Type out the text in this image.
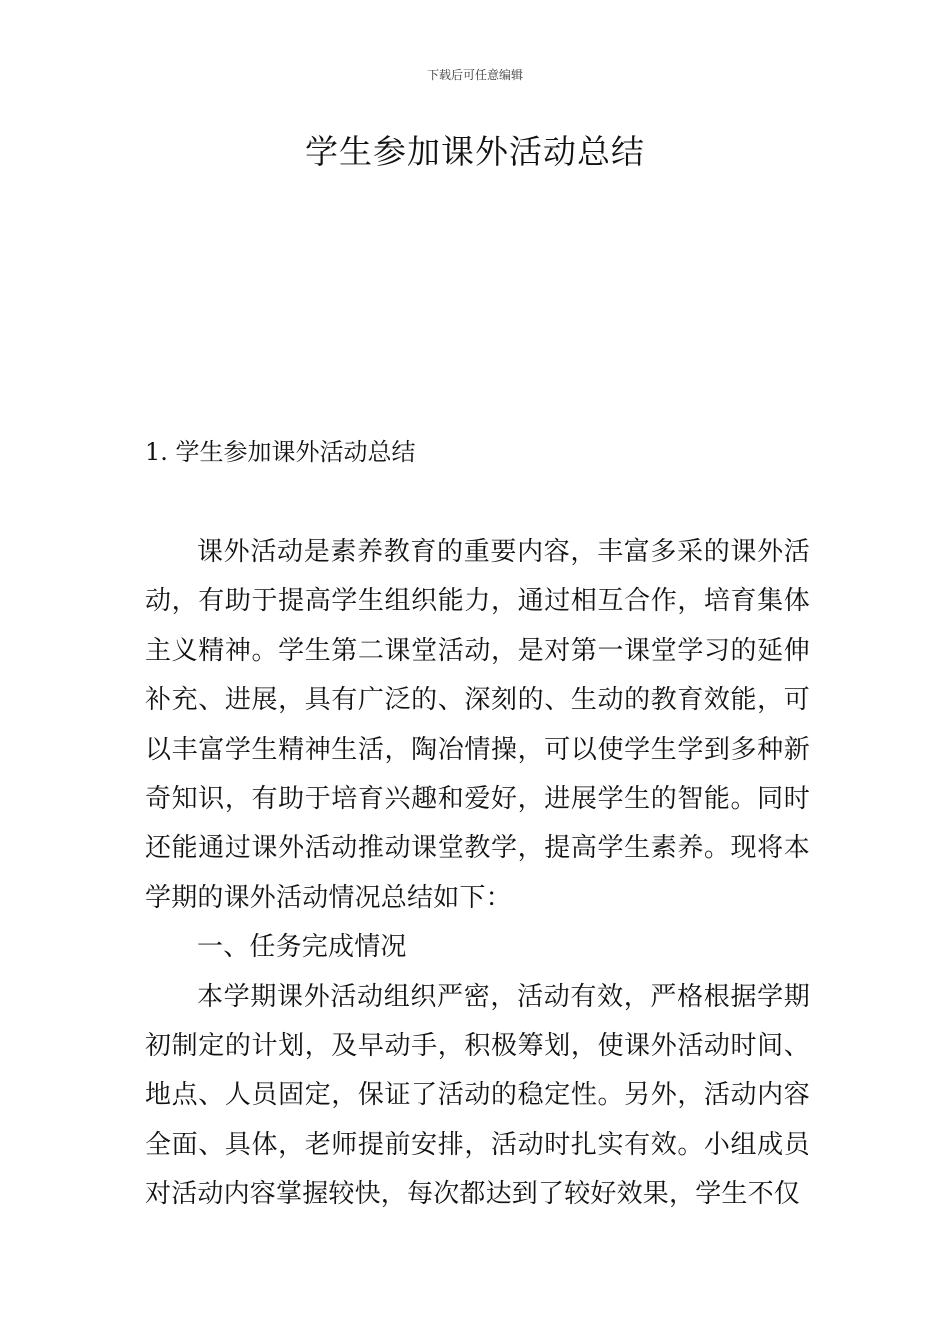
下载后可任意编辑
学生参加课外活动总结
1. 学生参加课外活动总结

课外活动是素养教育的重要内容，丰富多采的课外活动，有助于提高学生组织能力，通过相互合作，培育集体主义精神。学生第二课堂活动，是对第一课堂学习的延伸补充、进展，具有广泛的、深刻的、生动的教育效能，可以丰富学生精神生活，陶冶情操，可以使学生学到多种新奇知识，有助于培育兴趣和爱好，进展学生的智能。同时还能通过课外活动推动课堂教学，提高学生素养。现将本学期的课外活动情况总结如下：

一、任务完成情况

本学期课外活动组织严密，活动有效，严格根据学期初制定的计划，及早动手，积极筹划，使课外活动时间、地点、人员固定，保证了活动的稳定性。另外，活动内容全面、具体，老师提前安排，活动时扎实有效。小组成员对活动内容掌握较快，每次都达到了较好效果，学生不仅
